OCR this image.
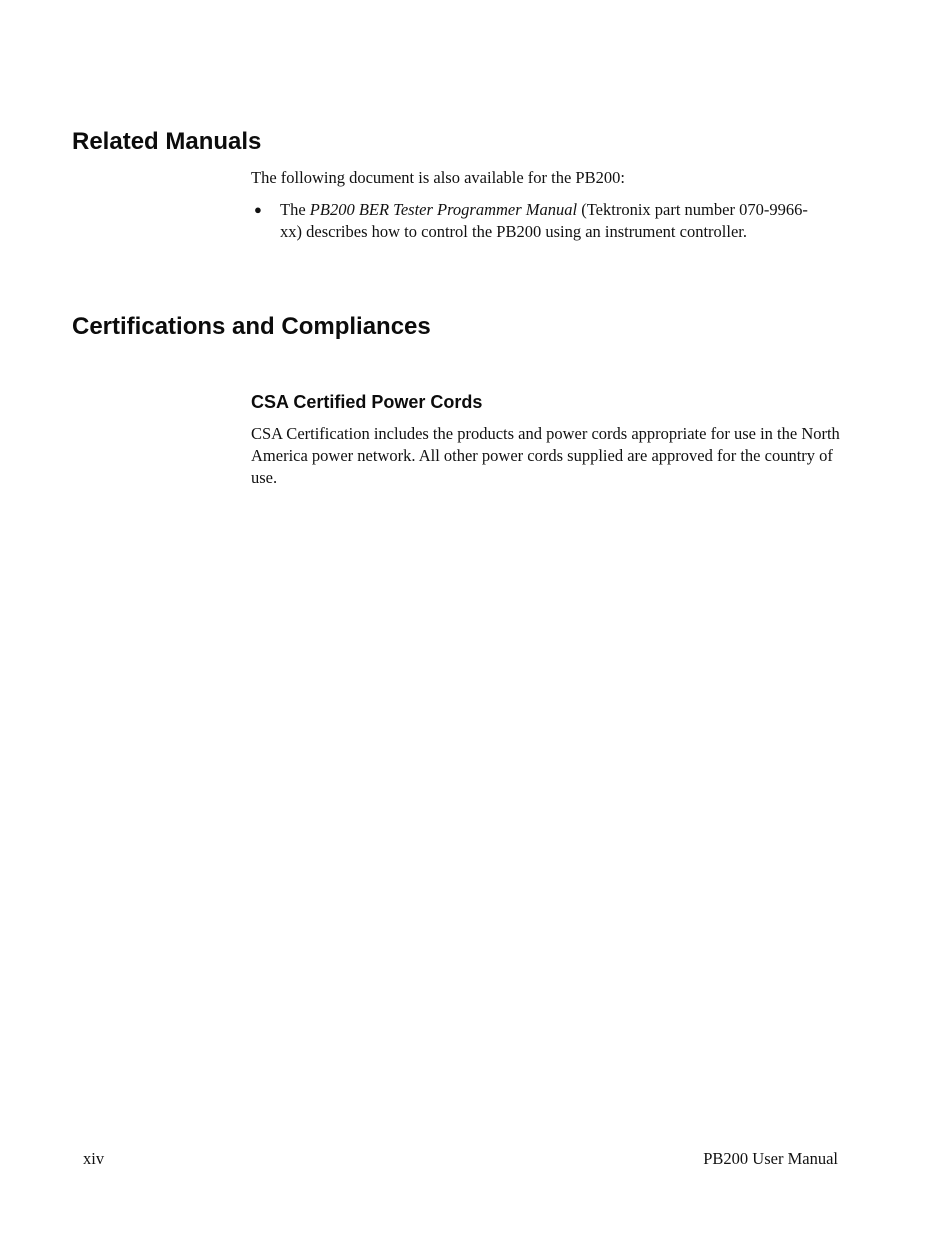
Related Manuals

The following document is also available for the PB200:

●	The PB200 BER Tester Programmer Manual (Tektronix part number 070-9966-xx) describes how to control the PB200 using an instrument controller.
Certifications and Compliances
CSA Certified Power Cords

CSA Certification includes the products and power cords appropriate for use in the North America power network. All other power cords supplied are approved for the country of use.

xiv	PB200 User Manual
